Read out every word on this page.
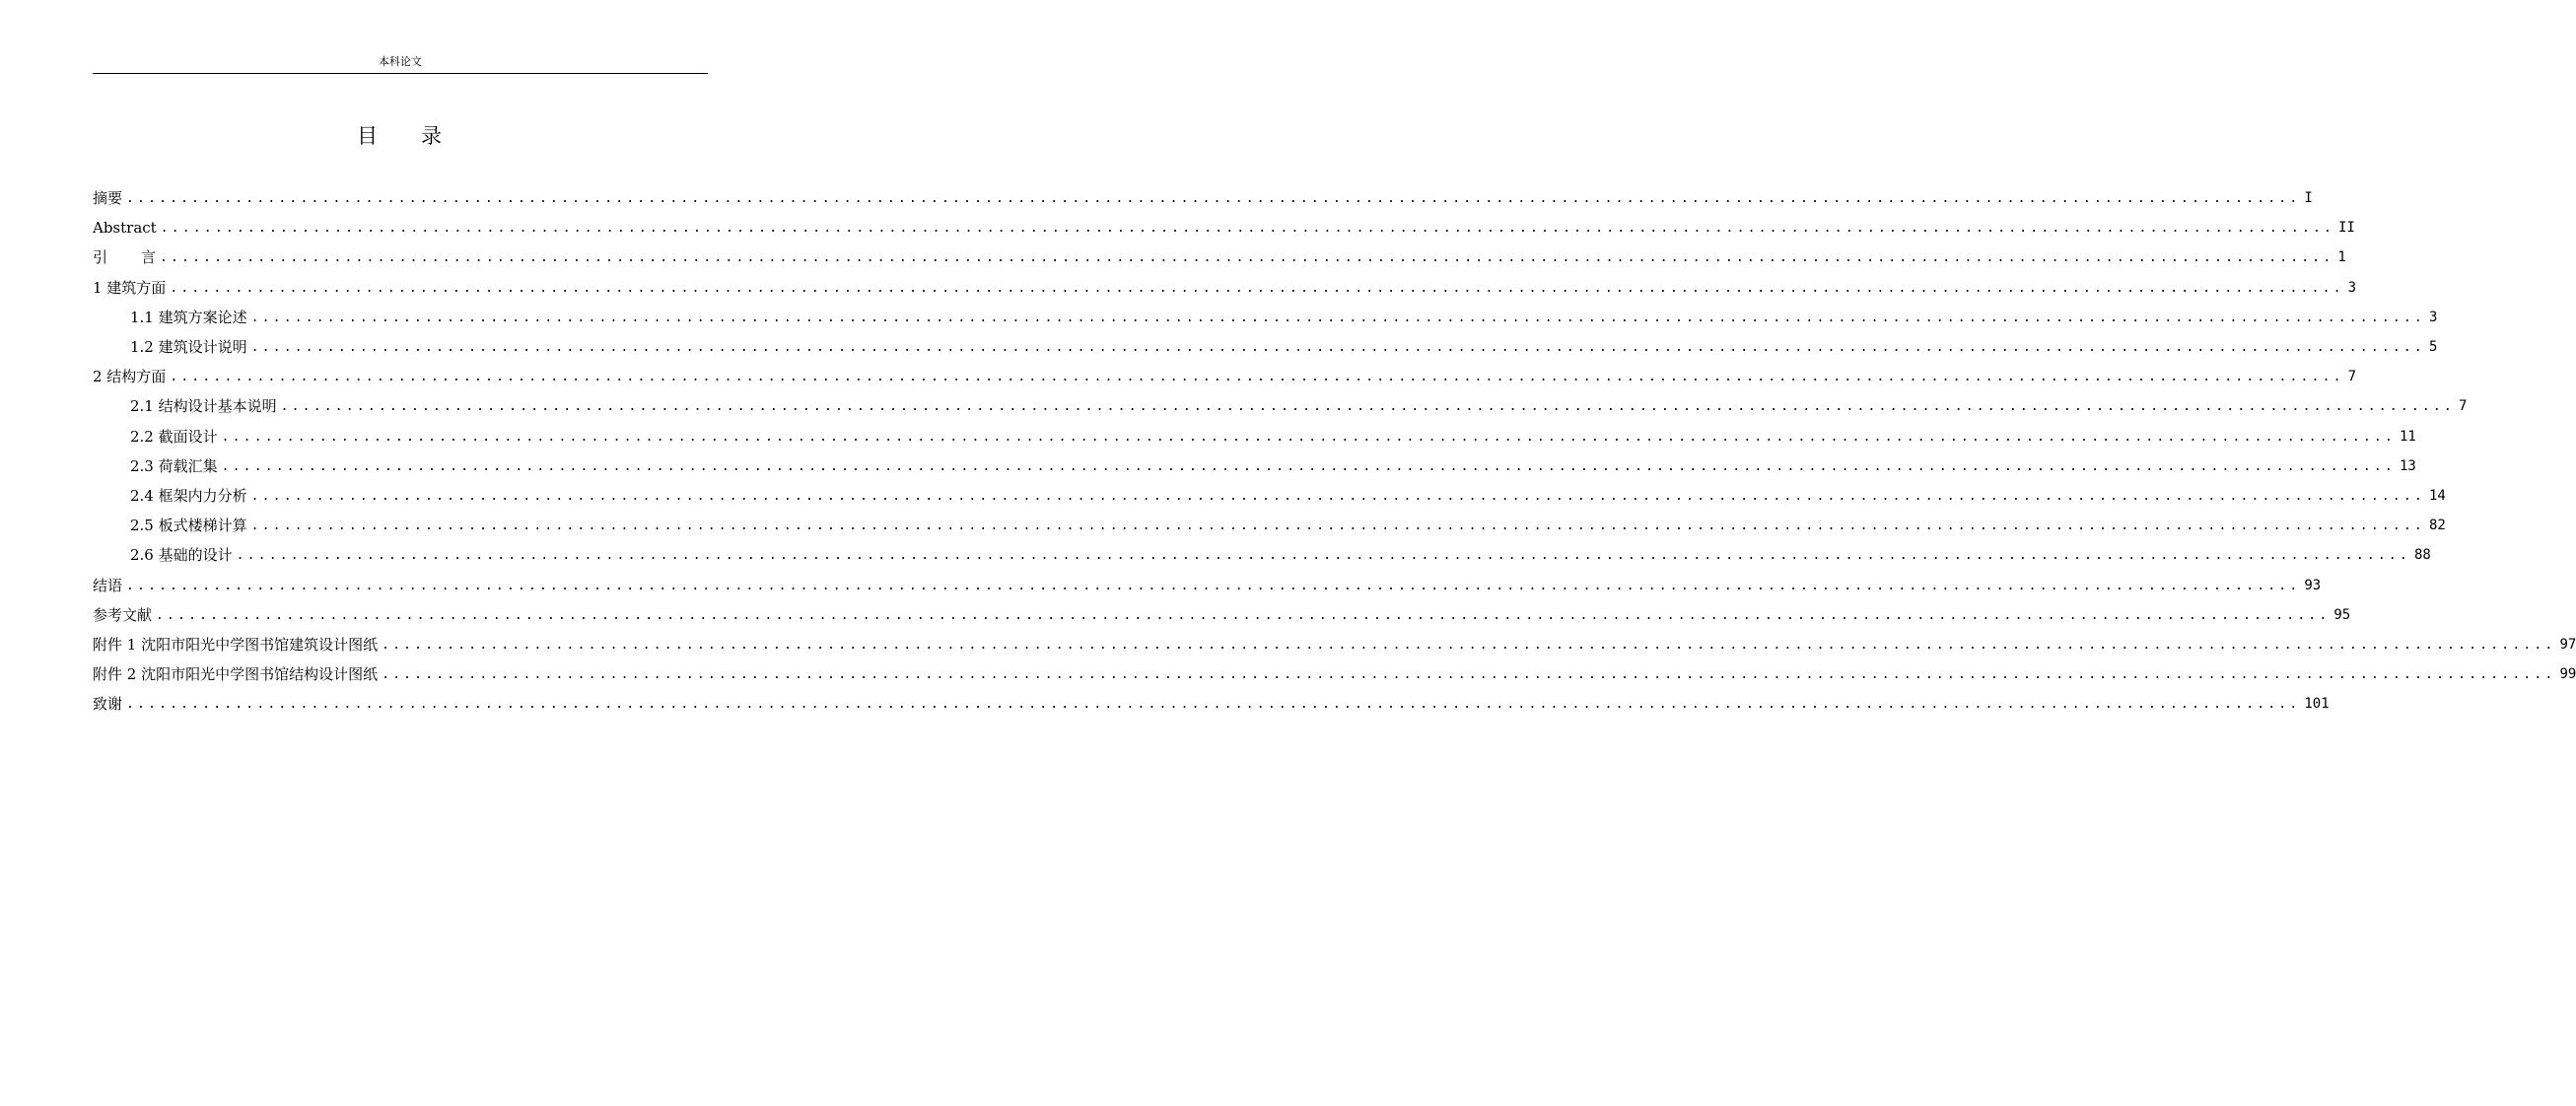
本科论文
目 录
摘要 ........................................................................................................................................................................................................ I
Abstract ........................................................................................................................................................................................................ II
引 言 ........................................................................................................................................................................................................ 1
1 建筑方面 ........................................................................................................................................................................................................ 3
1.1 建筑方案论述 ........................................................................................................................................................................................................ 3
1.2 建筑设计说明 ........................................................................................................................................................................................................ 5
2 结构方面 ........................................................................................................................................................................................................ 7
2.1 结构设计基本说明 ........................................................................................................................................................................................................ 7
2.2 截面设计 ........................................................................................................................................................................................................ 11
2.3 荷载汇集 ........................................................................................................................................................................................................ 13
2.4 框架内力分析 ........................................................................................................................................................................................................ 14
2.5 板式楼梯计算 ........................................................................................................................................................................................................ 82
2.6 基础的设计 ........................................................................................................................................................................................................ 88
结语 ........................................................................................................................................................................................................ 93
参考文献 ........................................................................................................................................................................................................ 95
附件 1 沈阳市阳光中学图书馆建筑设计图纸 ........................................................................................................................................................................................................ 97
附件 2 沈阳市阳光中学图书馆结构设计图纸 ........................................................................................................................................................................................................ 99
致谢 ........................................................................................................................................................................................................ 101
